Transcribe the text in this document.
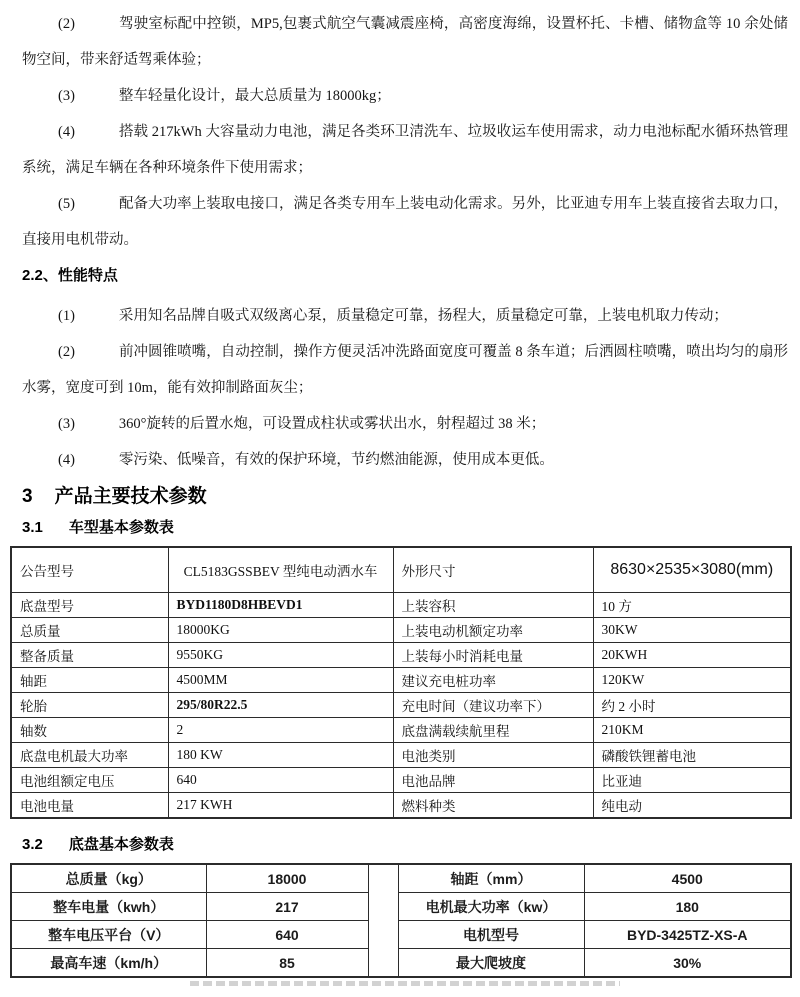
(2)	驾驶室标配中控锁，MP5,包裹式航空气囊减震座椅，高密度海绵，设置杯托、卡槽、储物盒等 10 余处储物空间，带来舒适驾乘体验；

(3)	整车轻量化设计，最大总质量为 18000kg；

(4)	搭载 217kWh 大容量动力电池，满足各类环卫清洗车、垃圾收运车使用需求，动力电池标配水循环热管理系统，满足车辆在各种环境条件下使用需求；

(5)	配备大功率上装取电接口，满足各类专用车上装电动化需求。另外，比亚迪专用车上装直接省去取力口，直接用电机带动。

2.2、性能特点

(1)	采用知名品牌自吸式双级离心泵，质量稳定可靠，扬程大，质量稳定可靠，上装电机取力传动；

(2)	前冲圆锥喷嘴，自动控制，操作方便灵活冲洗路面宽度可覆盖 8 条车道；后洒圆柱喷嘴，喷出均匀的扇形水雾，宽度可到 10m，能有效抑制路面灰尘；

(3)	360°旋转的后置水炮，可设置成柱状或雾状出水，射程超过 38 米；

(4)	零污染、低噪音，有效的保护环境，节约燃油能源，使用成本更低。

3 产品主要技术参数
3.1 车型基本参数表
公告型号	CL5183GSSBEV 型纯电动洒水车	外形尺寸	8630×2535×3080(mm)
底盘型号	BYD1180D8HBEVD1	上装容积	10 方
总质量	18000KG	上装电动机额定功率	30KW
整备质量	9550KG	上装每小时消耗电量	20KWH
轴距	4500MM	建议充电桩功率	120KW
轮胎	295/80R22.5	充电时间（建议功率下）	约 2 小时
轴数	2	底盘满载续航里程	210KM
底盘电机最大功率	180 KW	电池类别	磷酸铁锂蓄电池
电池组额定电压	640	电池品牌	比亚迪
电池电量	217 KWH	燃料种类	纯电动
3.2 底盘基本参数表
总质量（kg）	18000		轴距（mm）	4500
整车电量（kwh）	217		电机最大功率（kw）	180
整车电压平台（V）	640		电机型号	BYD-3425TZ-XS-A
最高车速（km/h）	85		最大爬坡度	30%
